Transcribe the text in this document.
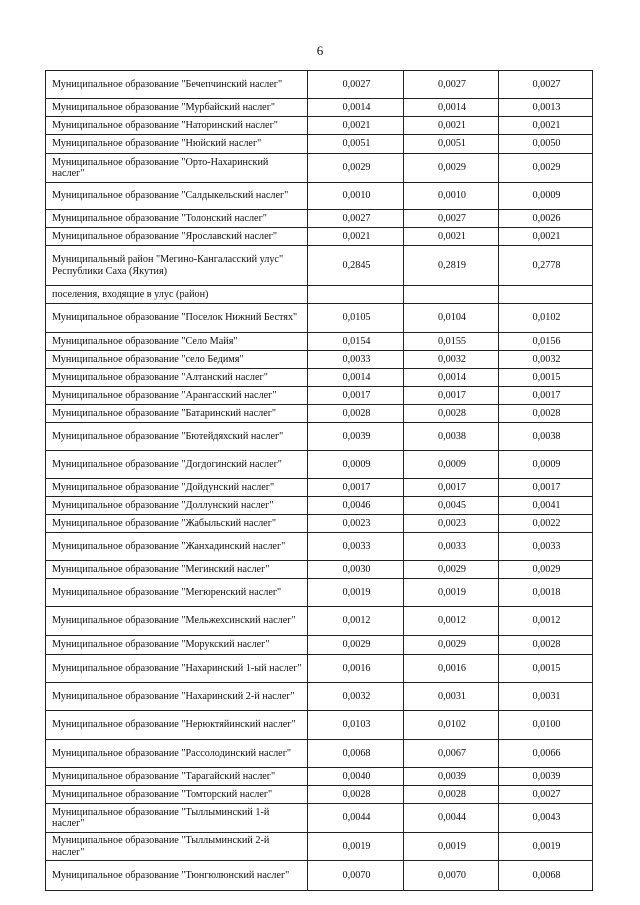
6
Муниципальное образование "Бечепчинский наслег"	0,0027	0,0027	0,0027
Муниципальное образование "Мурбайский наслег"	0,0014	0,0014	0,0013
Муниципальное образование "Наторинский наслег"	0,0021	0,0021	0,0021
Муниципальное образование "Нюйский наслег"	0,0051	0,0051	0,0050
Муниципальное образование "Орто-Нахаринский наслег"	0,0029	0,0029	0,0029
Муниципальное образование "Салдыкельский наслег"	0,0010	0,0010	0,0009
Муниципальное образование "Толонский наслег"	0,0027	0,0027	0,0026
Муниципальное образование "Ярославский наслег"	0,0021	0,0021	0,0021
Муниципальный район "Мегино-Кангаласский улус" Республики Саха (Якутия)	0,2845	0,2819	0,2778
поселения, входящие в улус (район)			
Муниципальное образование "Поселок Нижний Бестях"	0,0105	0,0104	0,0102
Муниципальное образование "Село Майя"	0,0154	0,0155	0,0156
Муниципальное образование "село Бедимя"	0,0033	0,0032	0,0032
Муниципальное образование "Алтанский наслег"	0,0014	0,0014	0,0015
Муниципальное образование "Арангасский наслег"	0,0017	0,0017	0,0017
Муниципальное образование "Батаринский наслег"	0,0028	0,0028	0,0028
Муниципальное образование "Бютейдяхский наслег"	0,0039	0,0038	0,0038
Муниципальное образование "Догдогинский наслег"	0,0009	0,0009	0,0009
Муниципальное образование "Дойдунский наслег"	0,0017	0,0017	0,0017
Муниципальное образование "Доллунский наслег"	0,0046	0,0045	0,0041
Муниципальное образование "Жабыльский наслег"	0,0023	0,0023	0,0022
Муниципальное образование "Жанхадинский наслег"	0,0033	0,0033	0,0033
Муниципальное образование "Мегинский наслег"	0,0030	0,0029	0,0029
Муниципальное образование "Мегюренский наслег"	0,0019	0,0019	0,0018
Муниципальное образование "Мельжехсинский наслег"	0,0012	0,0012	0,0012
Муниципальное образование "Морукский наслег"	0,0029	0,0029	0,0028
Муниципальное образование "Нахаринский 1-ый наслег"	0,0016	0,0016	0,0015
Муниципальное образование "Нахаринский 2-й наслег"	0,0032	0,0031	0,0031
Муниципальное образование "Нерюктяйинский наслег"	0,0103	0,0102	0,0100
Муниципальное образование "Рассолодинский наслег"	0,0068	0,0067	0,0066
Муниципальное образование "Тарагайский наслег"	0,0040	0,0039	0,0039
Муниципальное образование "Томторский наслег"	0,0028	0,0028	0,0027
Муниципальное образование "Тыллыминский 1-й наслег"	0,0044	0,0044	0,0043
Муниципальное образование "Тыллыминский 2-й наслег"	0,0019	0,0019	0,0019
Муниципальное образование "Тюнгюлюнский наслег"	0,0070	0,0070	0,0068
